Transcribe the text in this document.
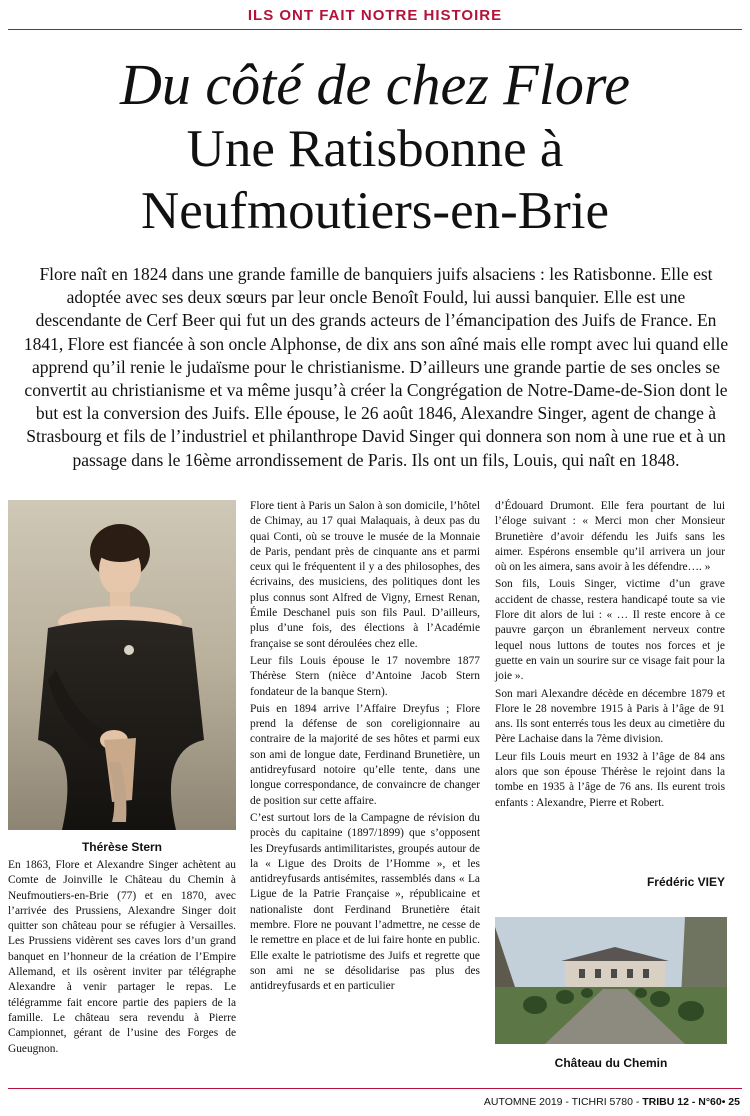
ILS ONT FAIT NOTRE HISTOIRE
Du côté de chez Flore
Une Ratisbonne à
Neufmoutiers-en-Brie

Flore naît en 1824 dans une grande famille de banquiers juifs alsaciens : les Ratisbonne. Elle est adoptée avec ses deux sœurs par leur oncle Benoît Fould, lui aussi banquier. Elle est une descendante de Cerf Beer qui fut un des grands acteurs de l’émancipation des Juifs de France. En 1841, Flore est fiancée à son oncle Alphonse, de dix ans son aîné mais elle rompt avec lui quand elle apprend qu’il renie le judaïsme pour le christianisme. D’ailleurs une grande partie de ses oncles se convertit au christianisme et va même jusqu’à créer la Congrégation de Notre-Dame-de-Sion dont le but est la conversion des Juifs. Elle épouse, le 26 août 1846, Alexandre Singer, agent de change à Strasbourg et fils de l’industriel et philanthrope David Singer qui donnera son nom à une rue et à un passage dans le 16ème arrondissement de Paris. Ils ont un fils, Louis, qui naît en 1848.

Thérèse Stern

En 1863, Flore et Alexandre Singer achètent au Comte de Joinville le Château du Chemin à Neufmoutiers-en-Brie (77) et en 1870, avec l’arrivée des Prussiens, Alexandre Singer doit quitter son château pour se réfugier à Versailles. Les Prussiens vidèrent ses caves lors d’un grand banquet en l’honneur de la création de l’Empire Allemand, et ils osèrent inviter par télégraphe Alexandre à venir partager le repas. Le télégramme fait encore partie des papiers de la famille. Le château sera revendu à Pierre Campionnet, gérant de l’usine des Forges de Gueugnon.

Flore tient à Paris un Salon à son domicile, l’hôtel de Chimay, au 17 quai Malaquais, à deux pas du quai Conti, où se trouve le musée de la Monnaie de Paris, pendant près de cinquante ans et parmi ceux qui le fréquentent il y a des philosophes, des écrivains, des musiciens, des politiques dont les plus connus sont Alfred de Vigny, Ernest Renan, Émile Deschanel puis son fils Paul. D’ailleurs, plus d’une fois, des élections à l’Académie française se sont déroulées chez elle.

Leur fils Louis épouse le 17 novembre 1877 Thérèse Stern (nièce d’Antoine Jacob Stern fondateur de la banque Stern).

Puis en 1894 arrive l’Affaire Dreyfus ; Flore prend la défense de son coreligionnaire au contraire de la majorité de ses hôtes et parmi eux son ami de longue date, Ferdinand Brunetière, un antidreyfusard notoire qu’elle tente, dans une longue correspondance, de convaincre de changer de position sur cette affaire.

C’est surtout lors de la Campagne de révision du procès du capitaine (1897/1899) que s’opposent les Dreyfusards antimilitaristes, groupés autour de la « Ligue des Droits de l’Homme », et les antidreyfusards antisémites, rassemblés dans « La Ligue de la Patrie Française », républicaine et nationaliste dont Ferdinand Brunetière était membre. Flore ne pouvant l’admettre, ne cesse de le remettre en place et de lui faire honte en public. Elle exalte le patriotisme des Juifs et regrette que son ami ne se désolidarise pas plus des antidreyfusards et en particulier

d’Édouard Drumont. Elle fera pourtant de lui l’éloge suivant : « Merci mon cher Monsieur Brunetière d’avoir défendu les Juifs sans les aimer. Espérons ensemble qu’il arrivera un jour où on les aimera, sans avoir à les défendre…. »

Son fils, Louis Singer, victime d’un grave accident de chasse, restera handicapé toute sa vie Flore dit alors de lui : « … Il reste encore à ce pauvre garçon un ébranlement nerveux contre lequel nous luttons de toutes nos forces et je guette en vain un sourire sur ce visage fait pour la joie ».

Son mari Alexandre décède en décembre 1879 et Flore le 28 novembre 1915 à Paris à l’âge de 91 ans. Ils sont enterrés tous les deux au cimetière du Père Lachaise dans la 7ème division.

Leur fils Louis meurt en 1932 à l’âge de 84 ans alors que son épouse Thérèse le rejoint dans la tombe en 1935 à l’âge de 76 ans. Ils eurent trois enfants : Alexandre, Pierre et Robert.

Frédéric VIEY
Château du Chemin
AUTOMNE 2019 - TICHRI 5780 - TRIBU 12 - N°60• 25
